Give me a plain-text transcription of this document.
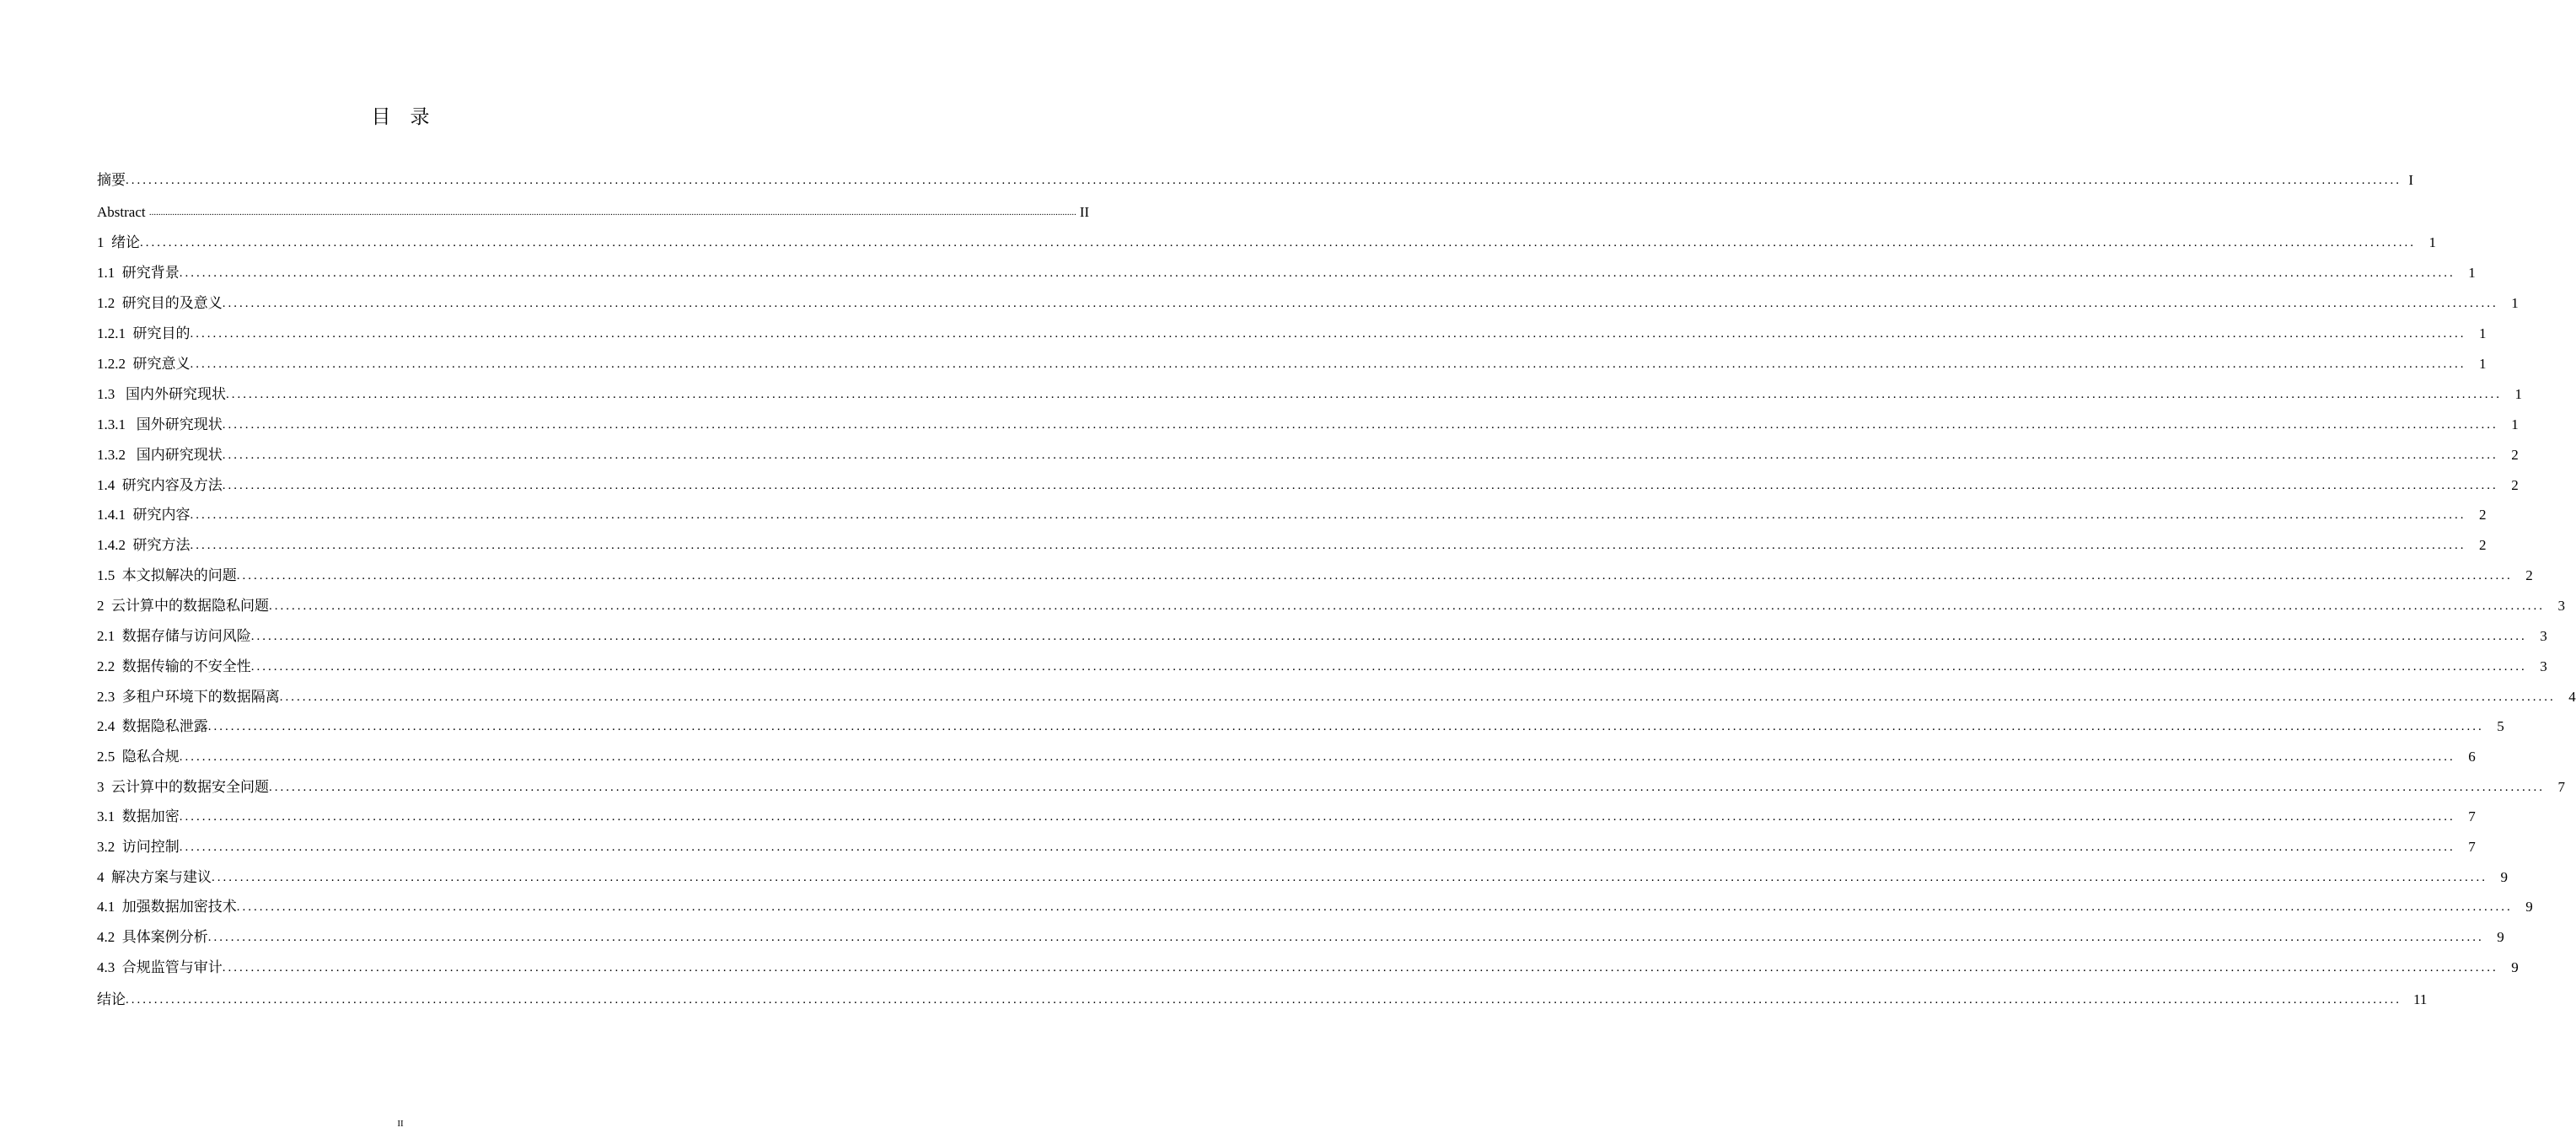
目　录
摘要 ................................................................................................................................................................................................................................................................................................................................................................................................................ I
Abstract ................................................................................................................................................................................................................................................................................................................................................................................................................ II
1  绪论 ................................................................................................................................................................................................................................................................................................................................................................................................................ 1
1.1  研究背景 ................................................................................................................................................................................................................................................................................................................................................................................................................ 1
1.2  研究目的及意义 ................................................................................................................................................................................................................................................................................................................................................................................................................ 1
1.2.1  研究目的 ................................................................................................................................................................................................................................................................................................................................................................................................................ 1
1.2.2  研究意义 ................................................................................................................................................................................................................................................................................................................................................................................................................ 1
1.3   国内外研究现状 ................................................................................................................................................................................................................................................................................................................................................................................................................ 1
1.3.1   国外研究现状 ................................................................................................................................................................................................................................................................................................................................................................................................................ 1
1.3.2   国内研究现状 ................................................................................................................................................................................................................................................................................................................................................................................................................ 2
1.4  研究内容及方法 ................................................................................................................................................................................................................................................................................................................................................................................................................ 2
1.4.1  研究内容 ................................................................................................................................................................................................................................................................................................................................................................................................................ 2
1.4.2  研究方法 ................................................................................................................................................................................................................................................................................................................................................................................................................ 2
1.5  本文拟解决的问题 ................................................................................................................................................................................................................................................................................................................................................................................................................ 2
2  云计算中的数据隐私问题 ................................................................................................................................................................................................................................................................................................................................................................................................................ 3
2.1  数据存储与访问风险 ................................................................................................................................................................................................................................................................................................................................................................................................................ 3
2.2  数据传输的不安全性 ................................................................................................................................................................................................................................................................................................................................................................................................................ 3
2.3  多租户环境下的数据隔离 ................................................................................................................................................................................................................................................................................................................................................................................................................ 4
2.4  数据隐私泄露 ................................................................................................................................................................................................................................................................................................................................................................................................................ 5
2.5  隐私合规 ................................................................................................................................................................................................................................................................................................................................................................................................................ 6
3  云计算中的数据安全问题 ................................................................................................................................................................................................................................................................................................................................................................................................................ 7
3.1  数据加密 ................................................................................................................................................................................................................................................................................................................................................................................................................ 7
3.2  访问控制 ................................................................................................................................................................................................................................................................................................................................................................................................................ 7
4  解决方案与建议 ................................................................................................................................................................................................................................................................................................................................................................................................................ 9
4.1  加强数据加密技术 ................................................................................................................................................................................................................................................................................................................................................................................................................ 9
4.2  具体案例分析 ................................................................................................................................................................................................................................................................................................................................................................................................................ 9
4.3  合规监管与审计 ................................................................................................................................................................................................................................................................................................................................................................................................................ 9
结论 ................................................................................................................................................................................................................................................................................................................................................................................................................ 11
II
